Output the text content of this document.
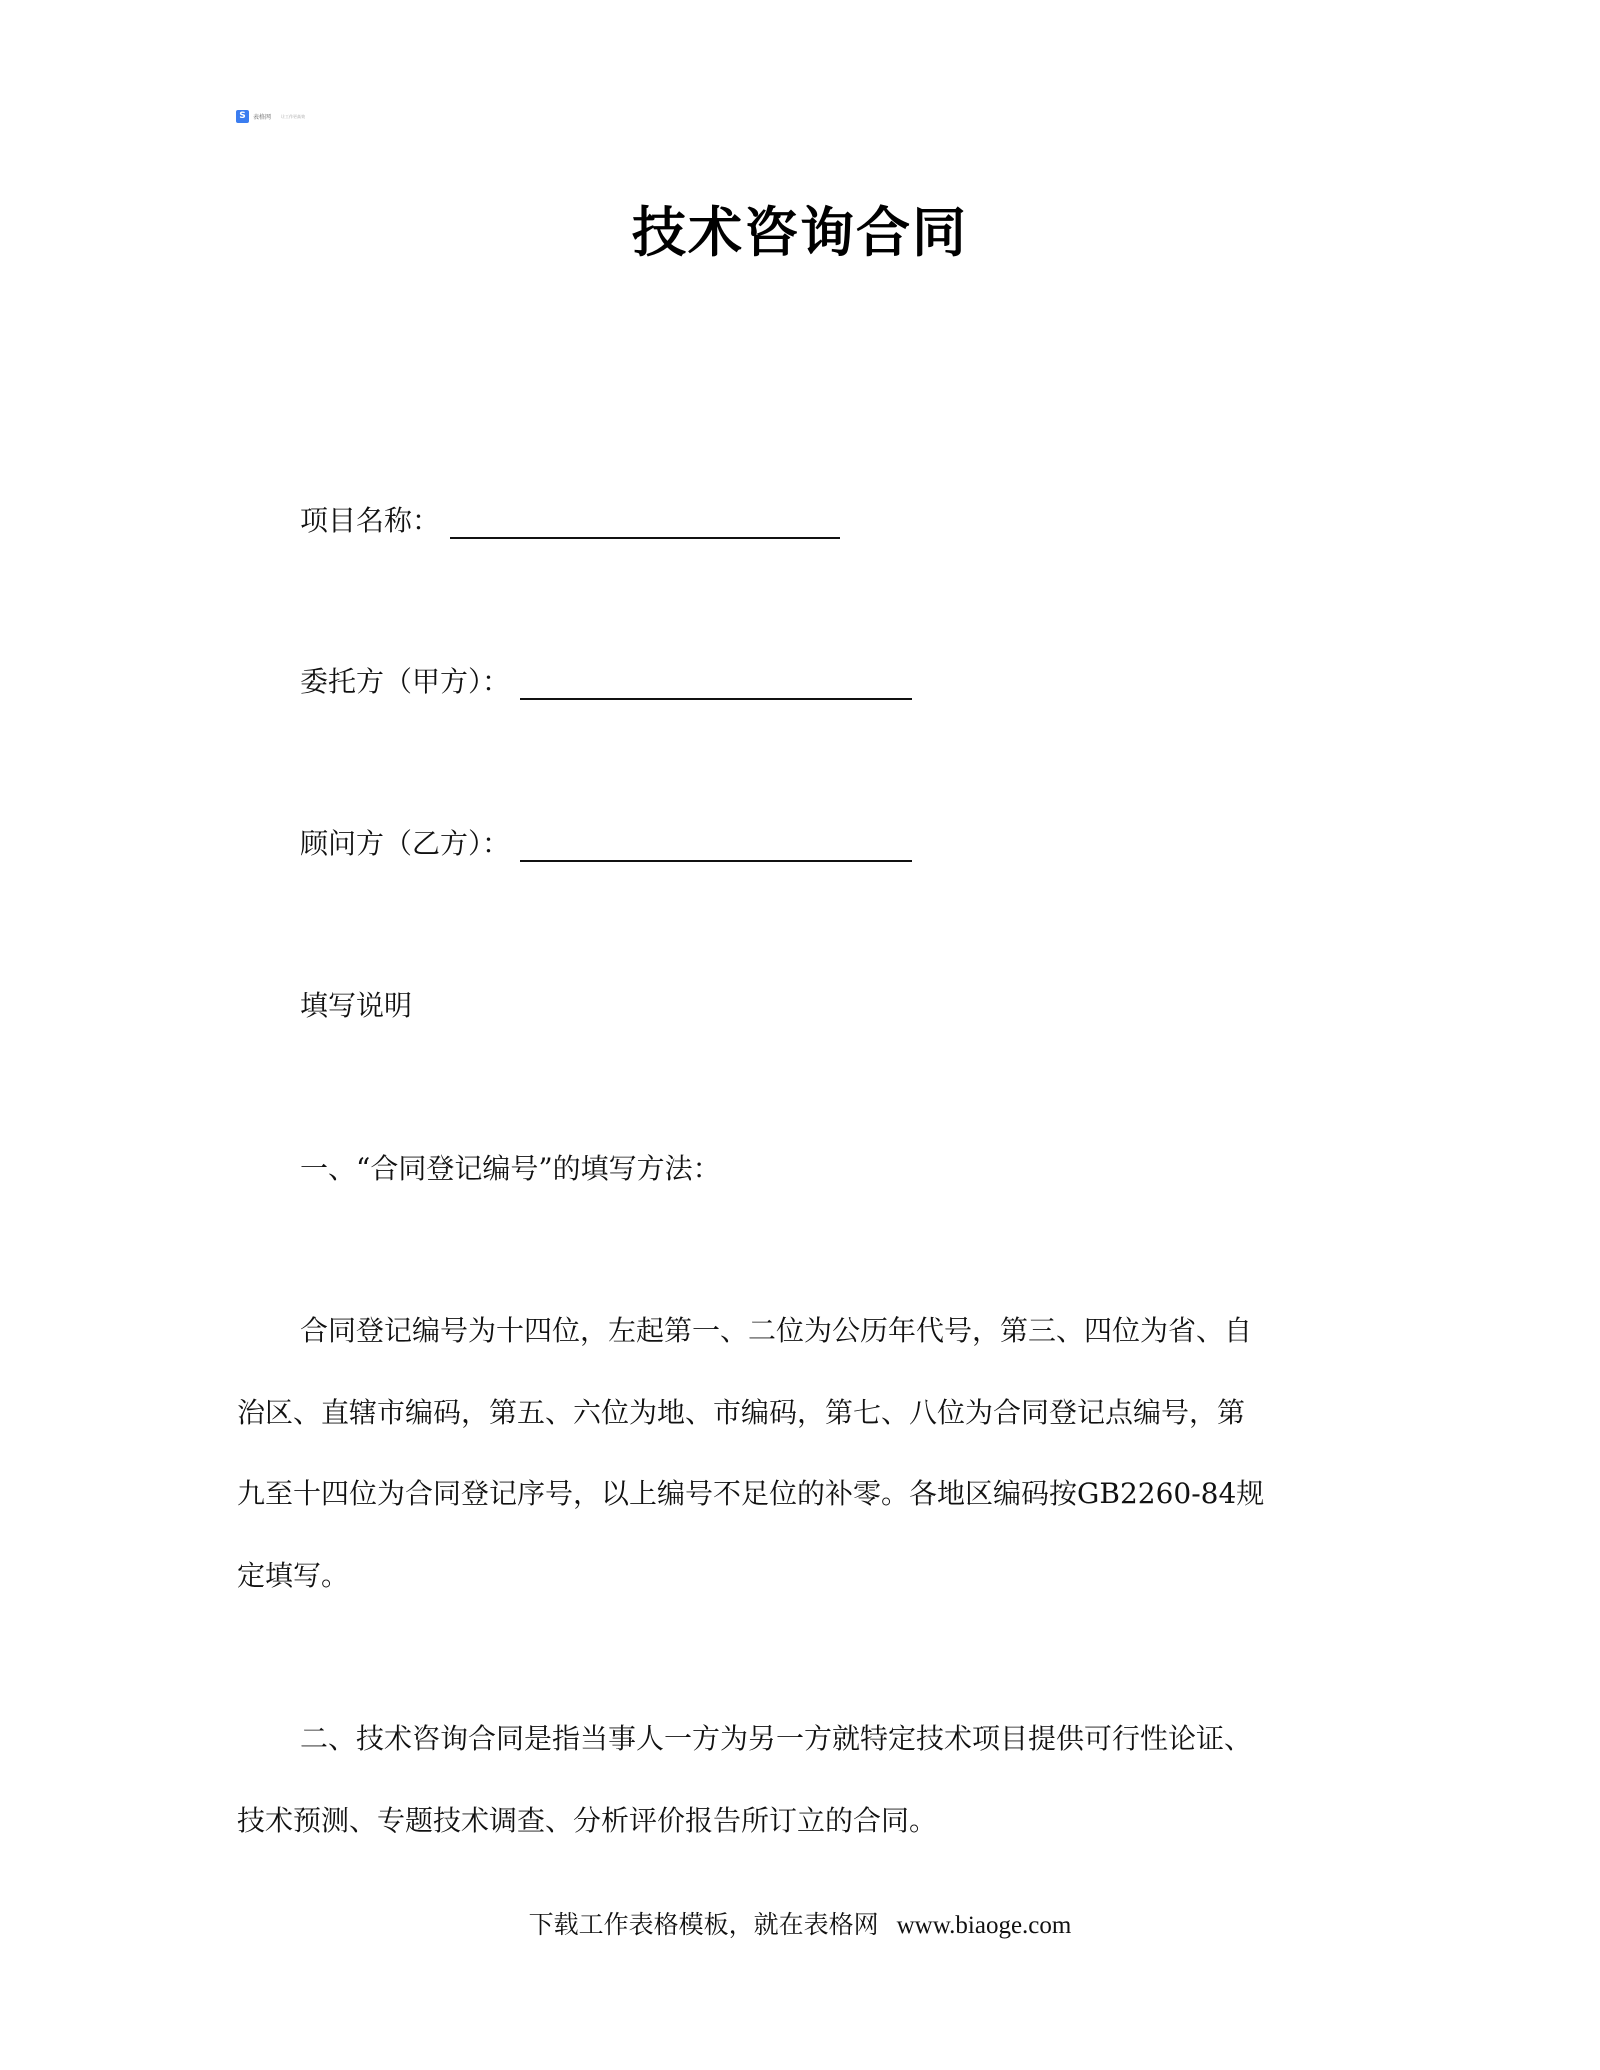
S	表格网	让工作更高效
技术咨询合同
项目名称：
委托方（甲方）：
顾问方（乙方）：
填写说明
一、“合同登记编号”的填写方法：
合同登记编号为十四位，左起第一、二位为公历年代号，第三、四位为省、自
治区、直辖市编码，第五、六位为地、市编码，第七、八位为合同登记点编号，第
九至十四位为合同登记序号，以上编号不足位的补零。各地区编码按GB2260-84规
定填写。
二、技术咨询合同是指当事人一方为另一方就特定技术项目提供可行性论证、
技术预测、专题技术调查、分析评价报告所订立的合同。
下载工作表格模板，就在表格网 www.biaoge.com
